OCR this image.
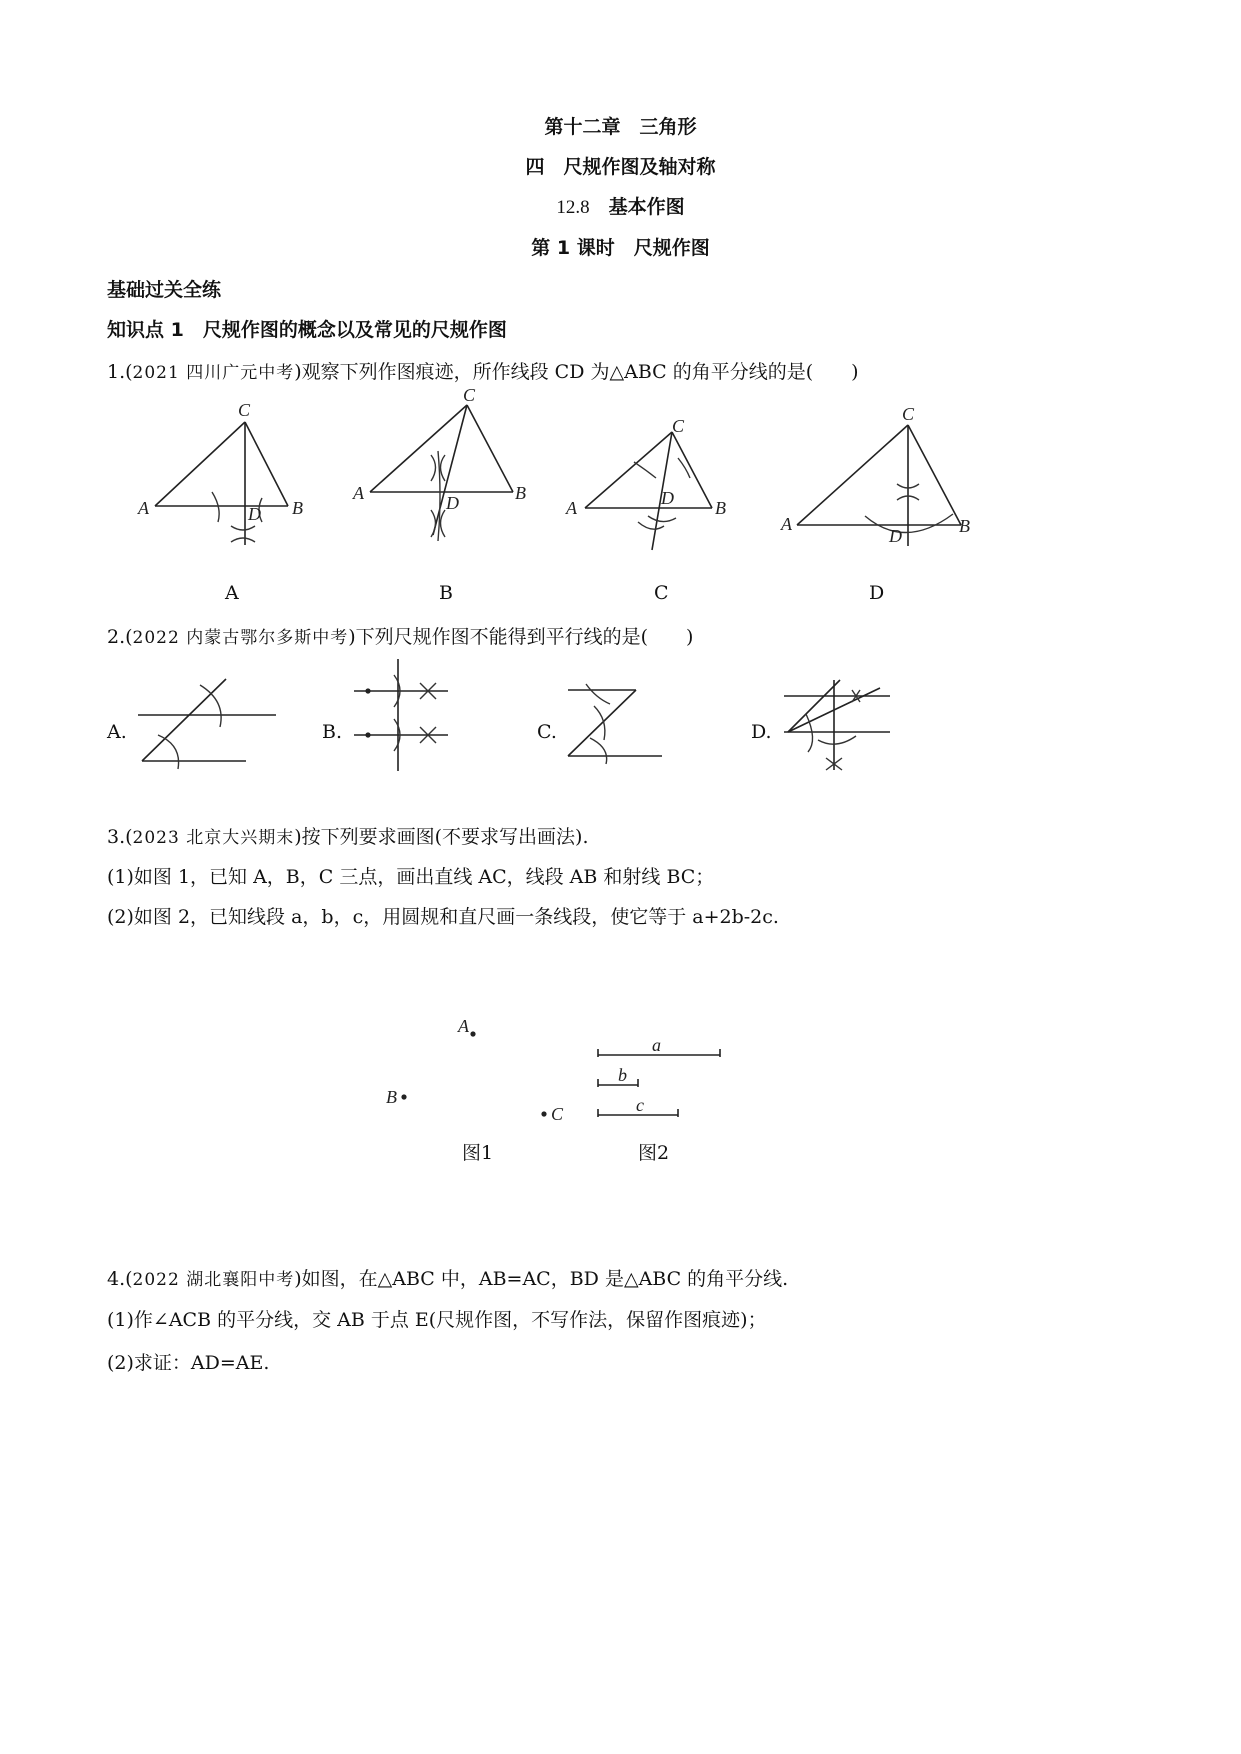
第十二章　三角形
四　尺规作图及轴对称
12.8　 基本作图
第 1 课时　 尺规作图
基础过关全练
知识点 1　尺规作图的概念以及常见的尺规作图
1.(2021 四川广元中考)观察下列作图痕迹，所作线段 CD 为△ABC 的角平分线的是(　　)
C
A	B
D
C
A	B
D
C
A	B
D
C
A	B
D
A	B	C	D
2.(2022 内蒙古鄂尔多斯中考)下列尺规作图不能得到平行线的是(　　)
A.	B.	C.	D.
3.(2023 北京大兴期末)按下列要求画图(不要求写出画法).
(1)如图 1，已知 A，B，C 三点，画出直线 AC，线段 AB 和射线 BC；
(2)如图 2，已知线段 a，b，c，用圆规和直尺画一条线段，使它等于 a+2b-2c.
A
B
C
图1
a
b
c
图2
4.(2022 湖北襄阳中考)如图，在△ABC 中，AB=AC，BD 是△ABC 的角平分线.
(1)作∠ACB 的平分线，交 AB 于点 E(尺规作图，不写作法，保留作图痕迹)；
(2)求证：AD=AE.
